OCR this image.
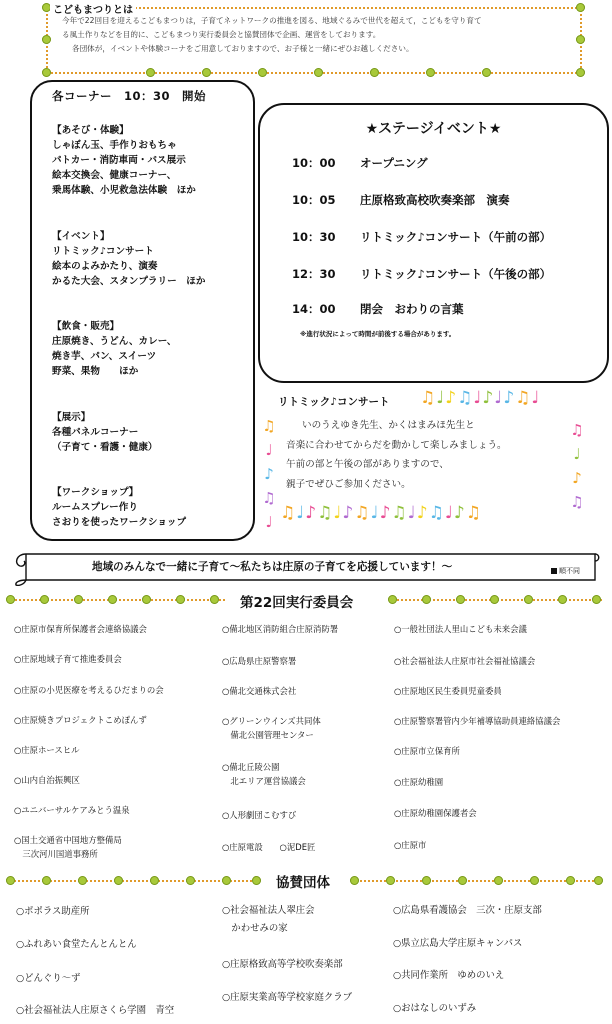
こどもまつりとは
今年で22回目を迎えるこどもまつりは，子育てネットワークの推進を図る、地域ぐるみで世代を超えて，こどもを守り育て
る風土作りなどを目的に、こどもまつり実行委員会と協賛団体で企画、運営をしております。
各団体が，イベントや体験コーナをご用意しておりますので、お子様と一緒にぜひお越しください。
各コーナー　10：30　開始
【あそび・体験】
しゃぼん玉、手作りおもちゃ
パトカー・消防車両・バス展示
絵本交換会、健康コーナー、
乗馬体験、小児救急法体験　ほか
【イベント】
リトミック♪コンサート
絵本のよみかたり、演奏
かるた大会、スタンプラリー　ほか
【飲食・販売】
庄原焼き、うどん、カレー、
焼き芋、パン、スイーツ
野菜、果物　　ほか
【展示】
各種パネルコーナー
（子育て・看護・健康）
【ワークショップ】
ルームスプレー作り
さおりを使ったワークショップ
★ステージイベント★
10：00 オープニング
10：05 庄原格致高校吹奏楽部　演奏
10：30 リトミック♪コンサート（午前の部）
12：30 リトミック♪コンサート（午後の部）
14：00 閉会　おわりの言葉
※進行状況によって時間が前後する場合があります。
リトミック♪コンサート ♫♩♪♫♩♪♩♪♫♩
♫
♩
♪
♫
♩
♫
♩
♪
♫
♫♩♪♫♩♪♫♩♪♫♩♪♫♩♪♫
いのうえゆき先生、かくはまみほ先生と
音楽に合わせてからだを動かして楽しみましょう。
午前の部と午後の部がありますので、
親子でぜひご参加ください。
地域のみんなで一緒に子育て～私たちは庄原の子育てを応援しています！～	順不同
第22回実行委員会
○庄原市保育所保護者会連絡協議会
○庄原地域子育て推進委員会
○庄原の小児医療を考えるひだまりの会
○庄原焼きプロジェクトこめぽんず
○庄原ホースヒル
○山内自治振興区
○ユニバーサルケアみとう温泉
○国土交通省中国地方整備局
　三次河川国道事務所
○備北地区消防組合庄原消防署
○広島県庄原警察署
○備北交通株式会社
○グリーンウインズ共同体
　備北公園管理センター
○備北丘陵公園
　北エリア運営協議会
○人形劇団こむすび
○庄原電設　　○泥DE匠
○一般社団法人里山こども未来会議
○社会福祉法人庄原市社会福祉協議会
○庄原地区民生委員児童委員
○庄原警察署管内少年補導協助員連絡協議会
○庄原市立保育所
○庄原幼稚園
○庄原幼稚園保護者会
○庄原市
協賛団体
○ポポラス助産所
○ふれあい食堂たんとんとん
○どんぐり～ず
○社会福祉法人庄原さくら学園　青空
○社会福祉法人翠庄会
　かわせみの家
○庄原格致高等学校吹奏楽部
○庄原実業高等学校家庭クラブ
○広島県看護協会　三次・庄原支部
○県立広島大学庄原キャンパス
○共同作業所　ゆめのいえ
○おはなしのいずみ
